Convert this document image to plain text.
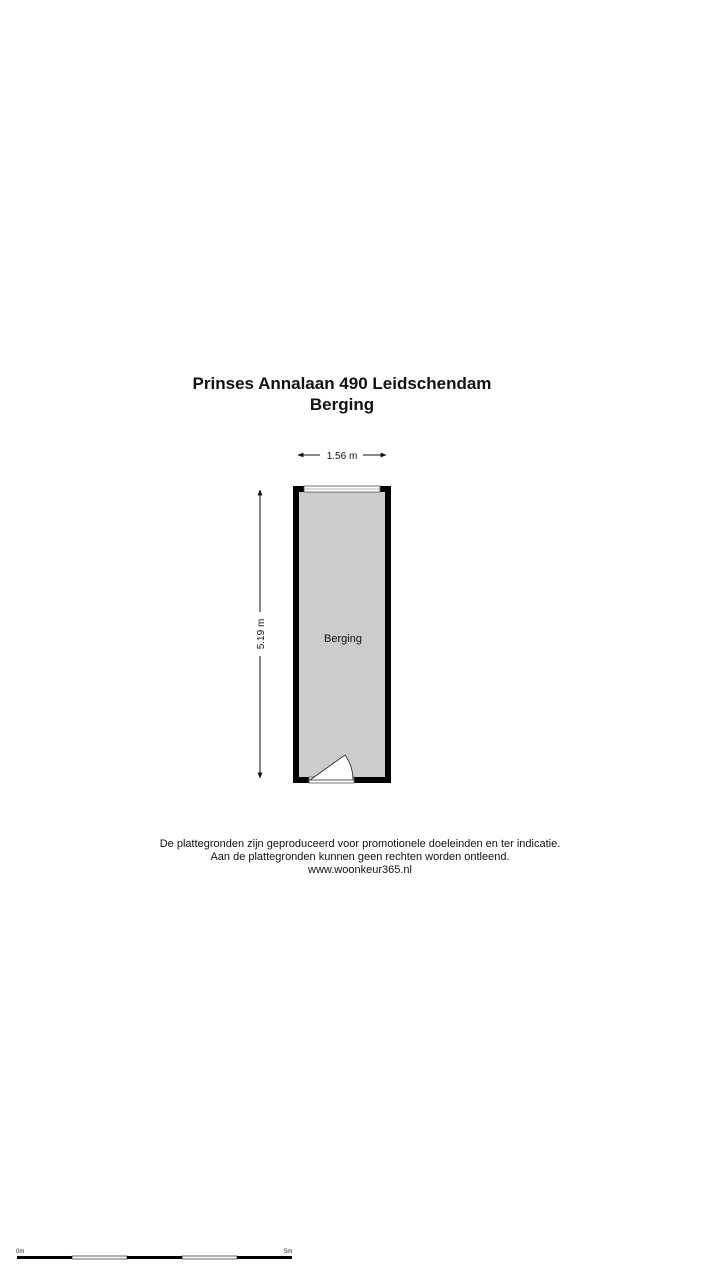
Prinses Annalaan 490 Leidschendam
Berging
1.56 m
5.19 m	Berging
0m	5m
De plattegronden zijn geproduceerd voor promotionele doeleinden en ter indicatie.
Aan de plattegronden kunnen geen rechten worden ontleend.
www.woonkeur365.nl
